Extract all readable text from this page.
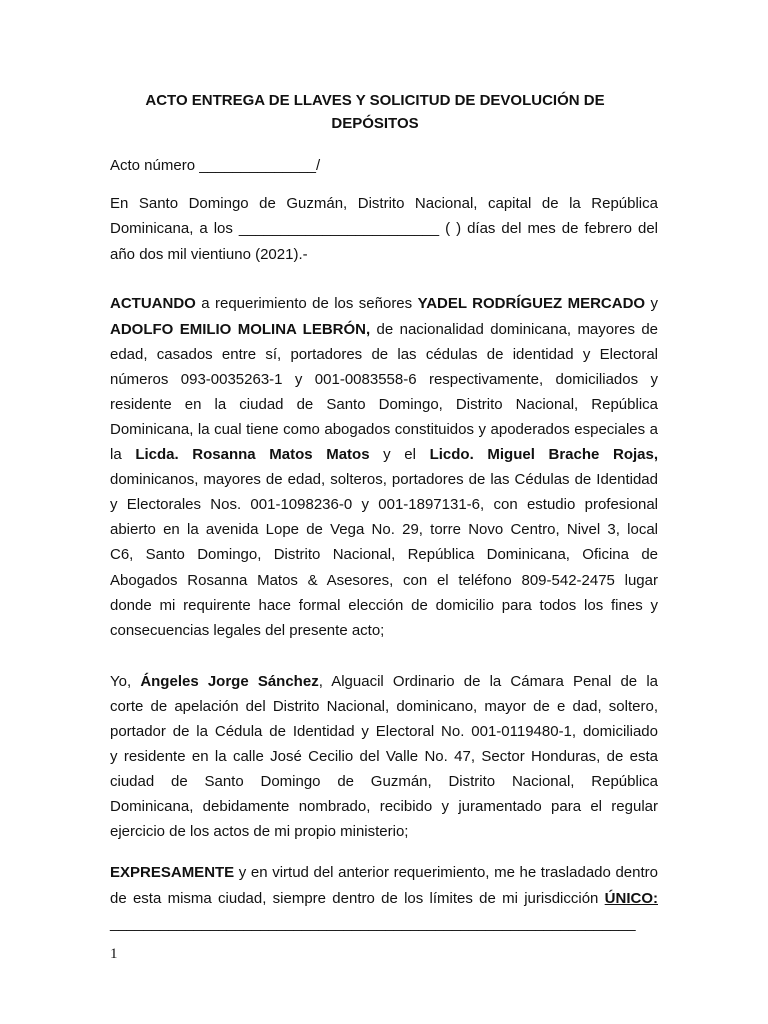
ACTO ENTREGA DE LLAVES Y SOLICITUD DE DEVOLUCIÓN DE
DEPÓSITOS
Acto número ______________/
En Santo Domingo de Guzmán, Distrito Nacional, capital de la República
Dominicana, a los ________________________ ( ) días del mes de febrero del
año dos mil vientiuno (2021).-
ACTUANDO a requerimiento de los señores YADEL RODRÍGUEZ MERCADO y
ADOLFO EMILIO MOLINA LEBRÓN, de nacionalidad dominicana, mayores de
edad, casados entre sí, portadores de las cédulas de identidad y Electoral
números 093-0035263-1 y 001-0083558-6 respectivamente, domiciliados y
residente en la ciudad de Santo Domingo, Distrito Nacional, República
Dominicana, la cual tiene como abogados constituidos y apoderados especiales a
la Licda. Rosanna Matos Matos y el Licdo. Miguel Brache Rojas,
dominicanos, mayores de edad, solteros, portadores de las Cédulas de Identidad
y Electorales Nos. 001-1098236-0 y 001-1897131-6, con estudio profesional
abierto en la avenida Lope de Vega No. 29, torre Novo Centro, Nivel 3, local
C6, Santo Domingo, Distrito Nacional, República Dominicana, Oficina de
Abogados Rosanna Matos & Asesores, con el teléfono 809-542-2475 lugar
donde mi requirente hace formal elección de domicilio para todos los fines y
consecuencias legales del presente acto;
Yo, Ángeles Jorge Sánchez, Alguacil Ordinario de la Cámara Penal de la
corte de apelación del Distrito Nacional, dominicano, mayor de e dad, soltero,
portador de la Cédula de Identidad y Electoral No. 001-0119480-1, domiciliado
y residente en la calle José Cecilio del Valle No. 47, Sector Honduras, de esta
ciudad de Santo Domingo de Guzmán, Distrito Nacional, República
Dominicana, debidamente nombrado, recibido y juramentado para el regular
ejercicio de los actos de mi propio ministerio;
EXPRESAMENTE y en virtud del anterior requerimiento, me he trasladado dentro
de esta misma ciudad, siempre dentro de los límites de mi jurisdicción ÚNICO:
_______________________________________________________________
1
